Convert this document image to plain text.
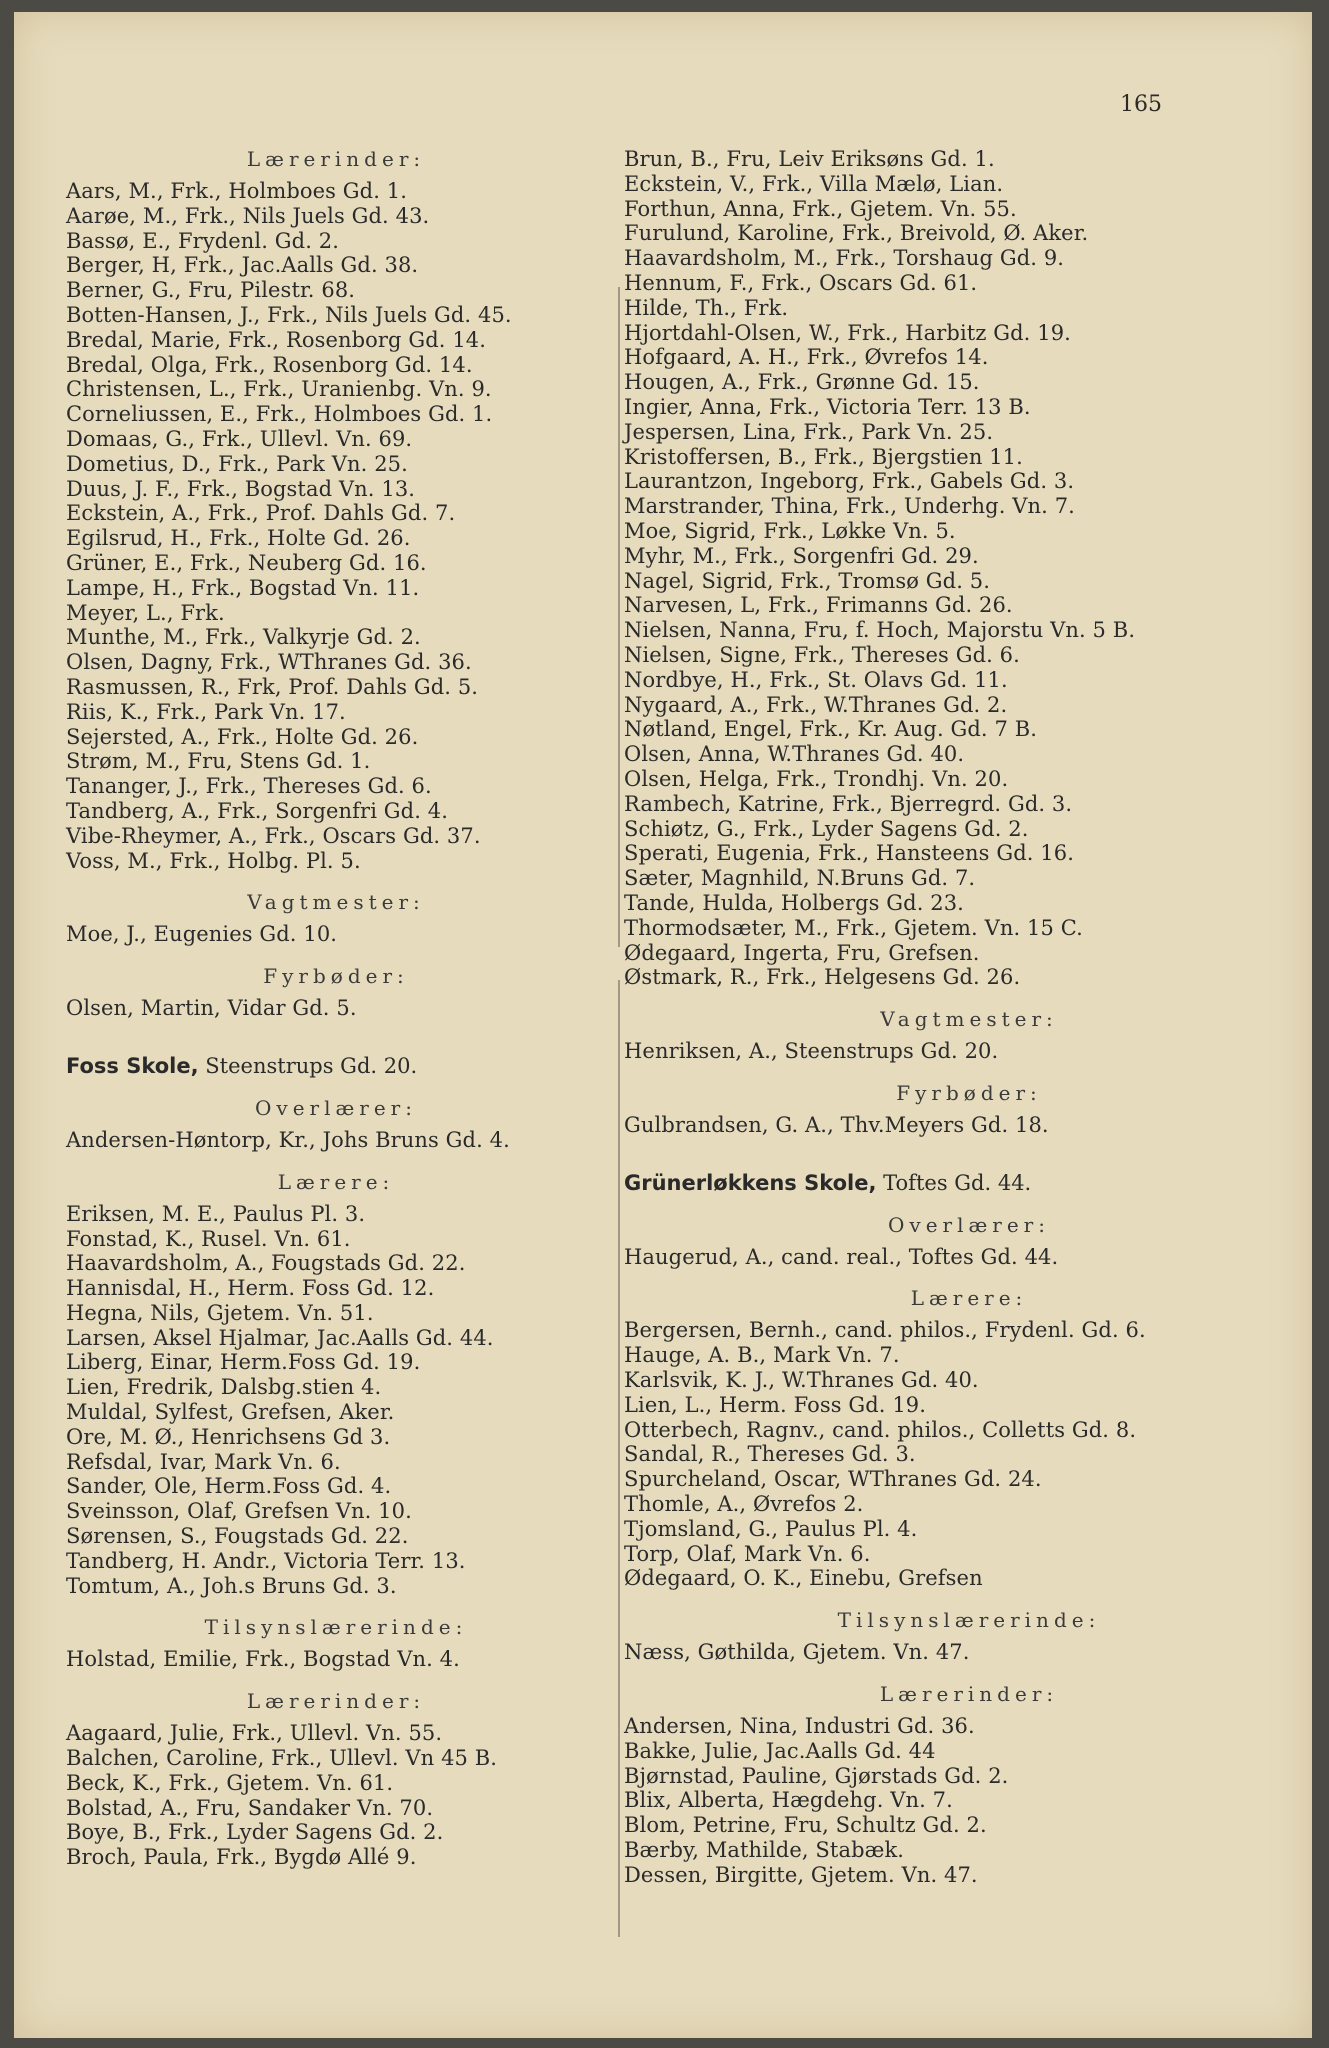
165
Lærerinder:
Aars, M., Frk., Holmboes Gd. 1.
Aarøe, M., Frk., Nils Juels Gd. 43.
Bassø, E., Frydenl. Gd. 2.
Berger, H, Frk., Jac.Aalls Gd. 38.
Berner, G., Fru, Pilestr. 68.
Botten-Hansen, J., Frk., Nils Juels Gd. 45.
Bredal, Marie, Frk., Rosenborg Gd. 14.
Bredal, Olga, Frk., Rosenborg Gd. 14.
Christensen, L., Frk., Uranienbg. Vn. 9.
Corneliussen, E., Frk., Holmboes Gd. 1.
Domaas, G., Frk., Ullevl. Vn. 69.
Dometius, D., Frk., Park Vn. 25.
Duus, J. F., Frk., Bogstad Vn. 13.
Eckstein, A., Frk., Prof. Dahls Gd. 7.
Egilsrud, H., Frk., Holte Gd. 26.
Grüner, E., Frk., Neuberg Gd. 16.
Lampe, H., Frk., Bogstad Vn. 11.
Meyer, L., Frk.
Munthe, M., Frk., Valkyrje Gd. 2.
Olsen, Dagny, Frk., WThranes Gd. 36.
Rasmussen, R., Frk, Prof. Dahls Gd. 5.
Riis, K., Frk., Park Vn. 17.
Sejersted, A., Frk., Holte Gd. 26.
Strøm, M., Fru, Stens Gd. 1.
Tananger, J., Frk., Thereses Gd. 6.
Tandberg, A., Frk., Sorgenfri Gd. 4.
Vibe-Rheymer, A., Frk., Oscars Gd. 37.
Voss, M., Frk., Holbg. Pl. 5.
Vagtmester:
Moe, J., Eugenies Gd. 10.
Fyrbøder:
Olsen, Martin, Vidar Gd. 5.
Foss Skole, Steenstrups Gd. 20.
Overlærer:
Andersen-Høntorp, Kr., Johs Bruns Gd. 4.
Lærere:
Eriksen, M. E., Paulus Pl. 3.
Fonstad, K., Rusel. Vn. 61.
Haavardsholm, A., Fougstads Gd. 22.
Hannisdal, H., Herm. Foss Gd. 12.
Hegna, Nils, Gjetem. Vn. 51.
Larsen, Aksel Hjalmar, Jac.Aalls Gd. 44.
Liberg, Einar, Herm.Foss Gd. 19.
Lien, Fredrik, Dalsbg.stien 4.
Muldal, Sylfest, Grefsen, Aker.
Ore, M. Ø., Henrichsens Gd 3.
Refsdal, Ivar, Mark Vn. 6.
Sander, Ole, Herm.Foss Gd. 4.
Sveinsson, Olaf, Grefsen Vn. 10.
Sørensen, S., Fougstads Gd. 22.
Tandberg, H. Andr., Victoria Terr. 13.
Tomtum, A., Joh.s Bruns Gd. 3.
Tilsynslærerinde:
Holstad, Emilie, Frk., Bogstad Vn. 4.
Lærerinder:
Aagaard, Julie, Frk., Ullevl. Vn. 55.
Balchen, Caroline, Frk., Ullevl. Vn 45 B.
Beck, K., Frk., Gjetem. Vn. 61.
Bolstad, A., Fru, Sandaker Vn. 70.
Boye, B., Frk., Lyder Sagens Gd. 2.
Broch, Paula, Frk., Bygdø Allé 9.
Brun, B., Fru, Leiv Eriksøns Gd. 1.
Eckstein, V., Frk., Villa Mælø, Lian.
Forthun, Anna, Frk., Gjetem. Vn. 55.
Furulund, Karoline, Frk., Breivold, Ø. Aker.
Haavardsholm, M., Frk., Torshaug Gd. 9.
Hennum, F., Frk., Oscars Gd. 61.
Hilde, Th., Frk.
Hjortdahl-Olsen, W., Frk., Harbitz Gd. 19.
Hofgaard, A. H., Frk., Øvrefos 14.
Hougen, A., Frk., Grønne Gd. 15.
Ingier, Anna, Frk., Victoria Terr. 13 B.
Jespersen, Lina, Frk., Park Vn. 25.
Kristoffersen, B., Frk., Bjergstien 11.
Laurantzon, Ingeborg, Frk., Gabels Gd. 3.
Marstrander, Thina, Frk., Underhg. Vn. 7.
Moe, Sigrid, Frk., Løkke Vn. 5.
Myhr, M., Frk., Sorgenfri Gd. 29.
Nagel, Sigrid, Frk., Tromsø Gd. 5.
Narvesen, L, Frk., Frimanns Gd. 26.
Nielsen, Nanna, Fru, f. Hoch, Majorstu Vn. 5 B.
Nielsen, Signe, Frk., Thereses Gd. 6.
Nordbye, H., Frk., St. Olavs Gd. 11.
Nygaard, A., Frk., W.Thranes Gd. 2.
Nøtland, Engel, Frk., Kr. Aug. Gd. 7 B.
Olsen, Anna, W.Thranes Gd. 40.
Olsen, Helga, Frk., Trondhj. Vn. 20.
Rambech, Katrine, Frk., Bjerregrd. Gd. 3.
Schiøtz, G., Frk., Lyder Sagens Gd. 2.
Sperati, Eugenia, Frk., Hansteens Gd. 16.
Sæter, Magnhild, N.Bruns Gd. 7.
Tande, Hulda, Holbergs Gd. 23.
Thormodsæter, M., Frk., Gjetem. Vn. 15 C.
Ødegaard, Ingerta, Fru, Grefsen.
Østmark, R., Frk., Helgesens Gd. 26.
Vagtmester:
Henriksen, A., Steenstrups Gd. 20.
Fyrbøder:
Gulbrandsen, G. A., Thv.Meyers Gd. 18.
Grünerløkkens Skole, Toftes Gd. 44.
Overlærer:
Haugerud, A., cand. real., Toftes Gd. 44.
Lærere:
Bergersen, Bernh., cand. philos., Frydenl. Gd. 6.
Hauge, A. B., Mark Vn. 7.
Karlsvik, K. J., W.Thranes Gd. 40.
Lien, L., Herm. Foss Gd. 19.
Otterbech, Ragnv., cand. philos., Colletts Gd. 8.
Sandal, R., Thereses Gd. 3.
Spurcheland, Oscar, WThranes Gd. 24.
Thomle, A., Øvrefos 2.
Tjomsland, G., Paulus Pl. 4.
Torp, Olaf, Mark Vn. 6.
Ødegaard, O. K., Einebu, Grefsen
Tilsynslærerinde:
Næss, Gøthilda, Gjetem. Vn. 47.
Lærerinder:
Andersen, Nina, Industri Gd. 36.
Bakke, Julie, Jac.Aalls Gd. 44
Bjørnstad, Pauline, Gjørstads Gd. 2.
Blix, Alberta, Hægdehg. Vn. 7.
Blom, Petrine, Fru, Schultz Gd. 2.
Bærby, Mathilde, Stabæk.
Dessen, Birgitte, Gjetem. Vn. 47.
